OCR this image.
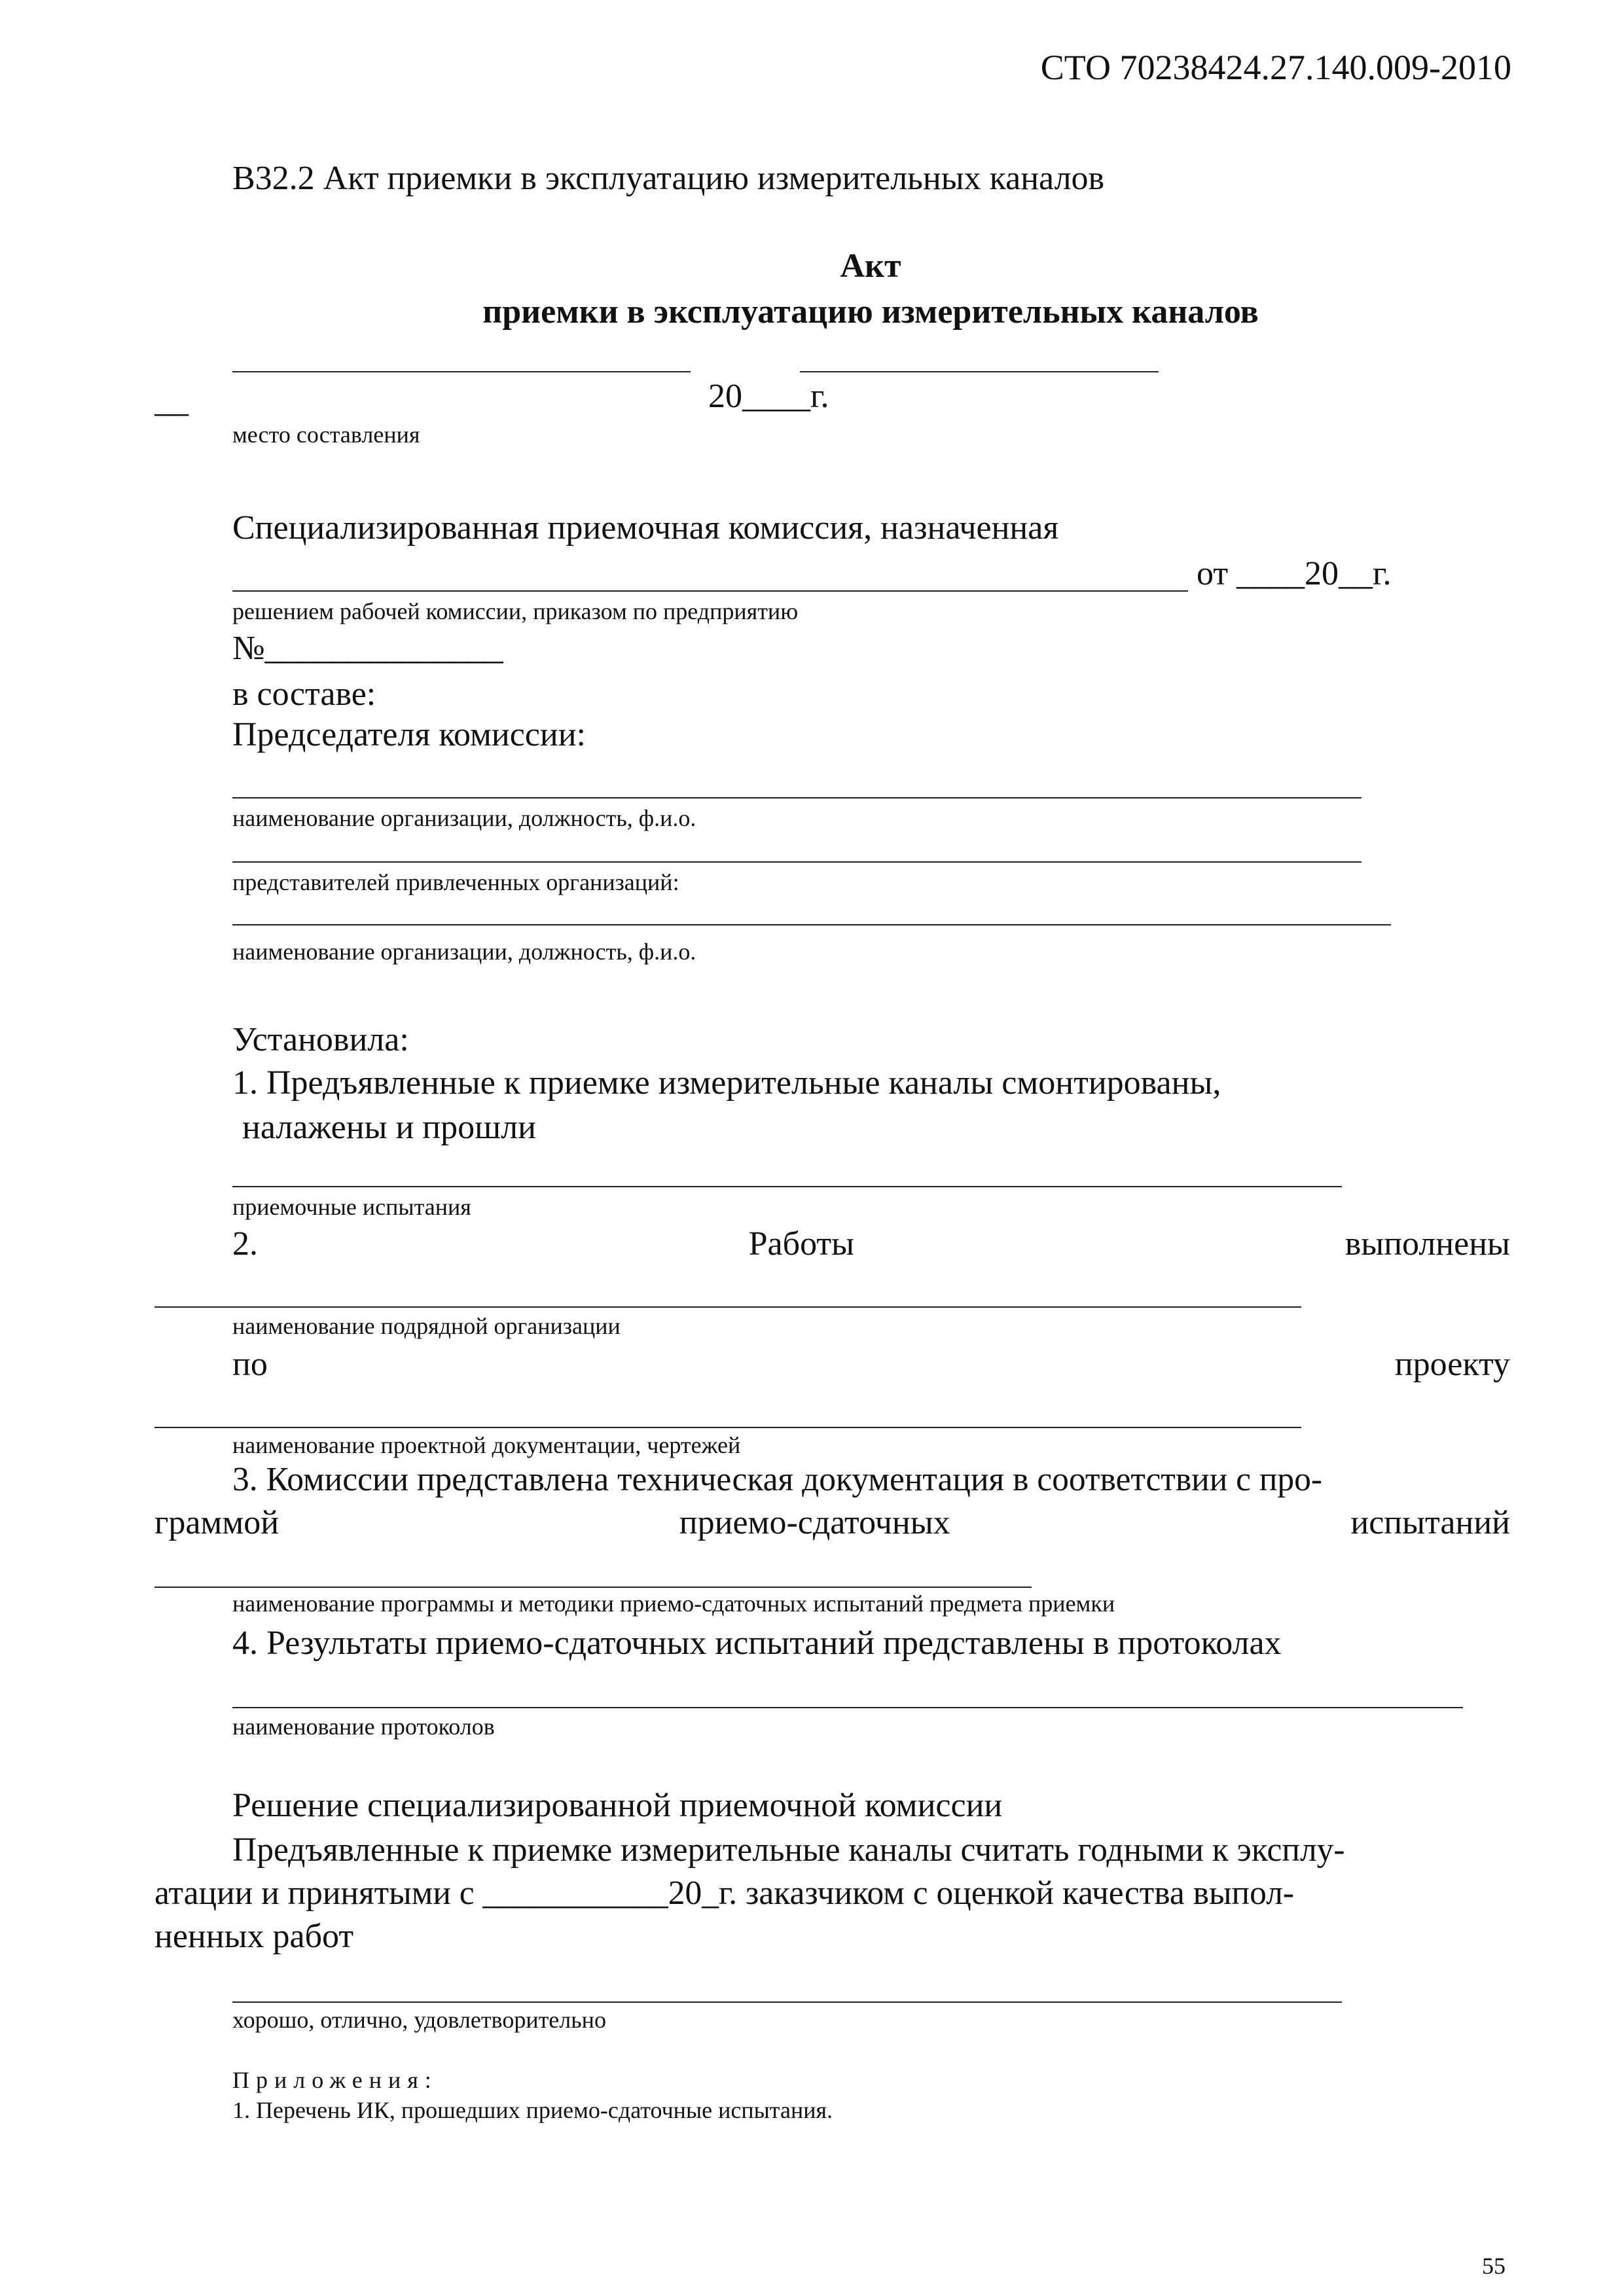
СТО 70238424.27.140.009-2010
В32.2 Акт приемки в эксплуатацию измерительных каналов
Акт
приемки в эксплуатацию измерительных каналов
__	20____г.
место составления
Специализированная приемочная комиссия, назначенная
от ____20__г.
решением рабочей комиссии, приказом по предприятию
№______________
в составе:
Председателя комиссии:
наименование организации, должность, ф.и.о.
представителей привлеченных организаций:
наименование организации, должность, ф.и.о.
Установила:
1. Предъявленные к приемке измерительные каналы смонтированы,
налажены и прошли
приемочные испытания
2.	Работы	выполнены
наименование подрядной организации
по	проекту
наименование проектной документации, чертежей
3. Комиссии представлена техническая документация в соответствии с про-
граммой	приемо-сдаточных	испытаний
наименование программы и методики приемо-сдаточных испытаний предмета приемки
4. Результаты приемо-сдаточных испытаний представлены в протоколах
наименование протоколов
Решение специализированной приемочной комиссии
Предъявленные к приемке измерительные каналы считать годными к эксплу-
атации и принятыми с ___________20_г. заказчиком с оценкой качества выпол-
ненных работ
хорошо, отлично, удовлетворительно
Приложения:
1. Перечень ИК, прошедших приемо-сдаточные испытания.
55
